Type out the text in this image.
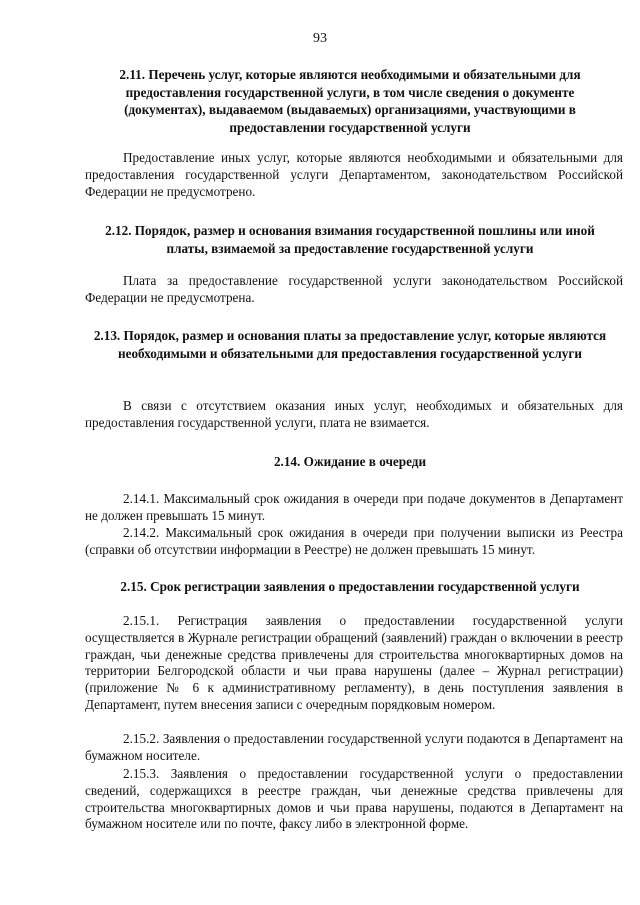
93
2.11. Перечень услуг, которые являются необходимыми и обязательными для предоставления государственной услуги, в том числе сведения о документе (документах), выдаваемом (выдаваемых) организациями, участвующими в предоставлении государственной услуги
Предоставление иных услуг, которые являются необходимыми и обязательными для предоставления государственной услуги Департаментом, законодательством Российской Федерации не предусмотрено.
2.12. Порядок, размер и основания взимания государственной пошлины или иной платы, взимаемой за предоставление государственной услуги
Плата за предоставление государственной услуги законодательством Российской Федерации не предусмотрена.
2.13. Порядок, размер и основания платы за предоставление услуг, которые являются необходимыми и обязательными для предоставления государственной услуги
В связи с отсутствием оказания иных услуг, необходимых и обязательных для предоставления государственной услуги, плата не взимается.
2.14. Ожидание в очереди
2.14.1. Максимальный срок ожидания в очереди при подаче документов в Департамент не должен превышать 15 минут.
2.14.2. Максимальный срок ожидания в очереди при получении выписки из Реестра (справки об отсутствии информации в Реестре) не должен превышать 15 минут.
2.15. Срок регистрации заявления о предоставлении государственной услуги
2.15.1. Регистрация заявления о предоставлении государственной услуги осуществляется в Журнале регистрации обращений (заявлений) граждан о включении в реестр граждан, чьи денежные средства привлечены для строительства многоквартирных домов на территории Белгородской области и чьи права нарушены (далее – Журнал регистрации) (приложение № 6 к административному регламенту), в день поступления заявления в Департамент, путем внесения записи с очередным порядковым номером.
2.15.2. Заявления о предоставлении государственной услуги подаются в Департамент на бумажном носителе.
2.15.3. Заявления о предоставлении государственной услуги о предоставлении сведений, содержащихся в реестре граждан, чьи денежные средства привлечены для строительства многоквартирных домов и чьи права нарушены, подаются в Департамент на бумажном носителе или по почте, факсу либо в электронной форме.
